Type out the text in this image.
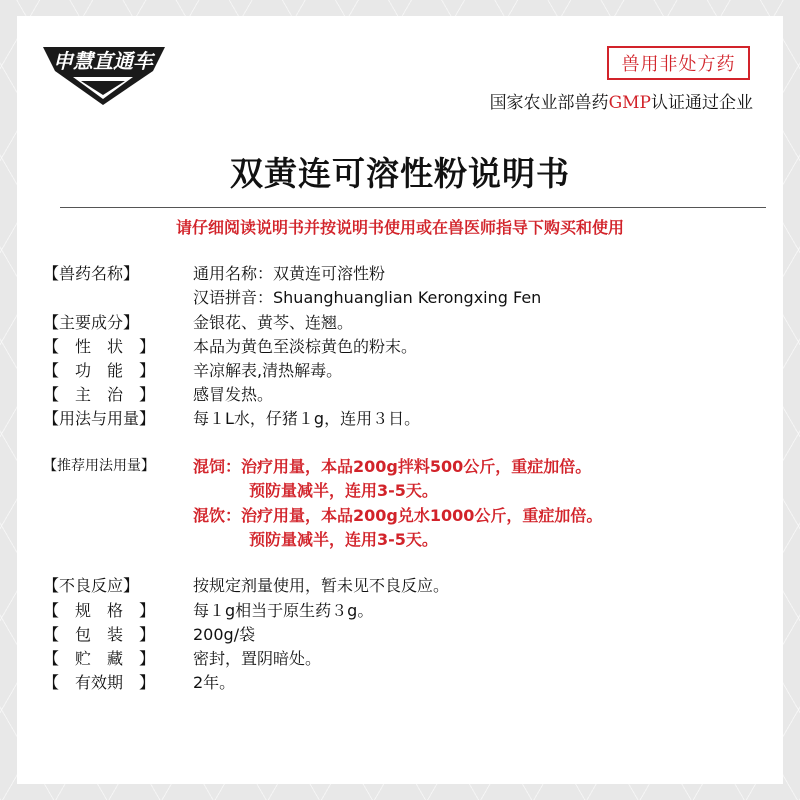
申慧直通车	兽用非处方药
国家农业部兽药GMP认证通过企业
双黄连可溶性粉说明书
请仔细阅读说明书并按说明书使用或在兽医师指导下购买和使用
【兽药名称】	通用名称：双黄连可溶性粉
汉语拼音：Shuanghuanglian Kerongxing Fen
【主要成分】	金银花、黄芩、连翘。
【　性　状　】	本品为黄色至淡棕黄色的粉末。
【　功　能　】	辛凉解表,清热解毒。
【　主　治　】	感冒发热。
【用法与用量】	每１L水，仔猪１g，连用３日。
【推荐用法用量】	混饲：治疗用量，本品200g拌料500公斤，重症加倍。
预防量减半，连用3-5天。
混饮：治疗用量，本品200g兑水1000公斤，重症加倍。
预防量减半，连用3-5天。
【不良反应】	按规定剂量使用，暂未见不良反应。
【　规　格　】	每１g相当于原生药３g。
【　包　装　】	200g/袋
【　贮　藏　】	密封，置阴暗处。
【　有效期　】	2年。
